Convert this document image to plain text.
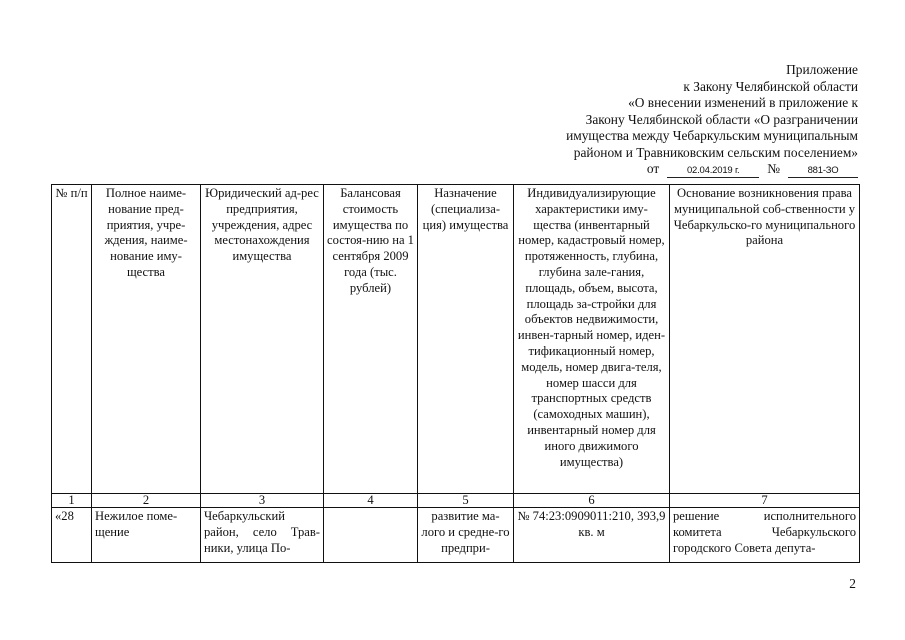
Приложение
к Закону Челябинской области
«О внесении изменений в приложение к
Закону Челябинской области «О разграничении
имущества между Чебаркульским муниципальным
районом и Травниковским сельским поселением»
от	02.04.2019 г. №	881-ЗО
№ п/п	Полное наиме-нование пред-приятия, учре-ждения, наиме-нование иму-щества	Юридический ад-рес предприятия, учреждения, адрес местонахождения имущества	Балансовая стоимость имущества по состоя-нию на 1 сентября 2009 года (тыс. рублей)	Назначение (специализа-ция) имущества	Индивидуализирующие характеристики иму-щества (инвентарный номер, кадастровый номер, протяженность, глубина, глубина зале-гания, площадь, объем, высота, площадь за-стройки для объектов недвижимости, инвен-тарный номер, иден-тификационный номер, модель, номер двига-теля, номер шасси для транспортных средств (самоходных машин), инвентарный номер для иного движимого имущества)	Основание возникновения права муниципальной соб-ственности у Чебаркульско-го муниципального района
1	2	3	4	5	6	7
«28	Нежилое поме-щение	Чебаркульский район, село Трав-ники, улица По-		развитие ма-лого и средне-го предпри-	№ 74:23:0909011:210, 393,9 кв. м	решение исполнительного комитета Чебаркульского городского Совета депута-
2
